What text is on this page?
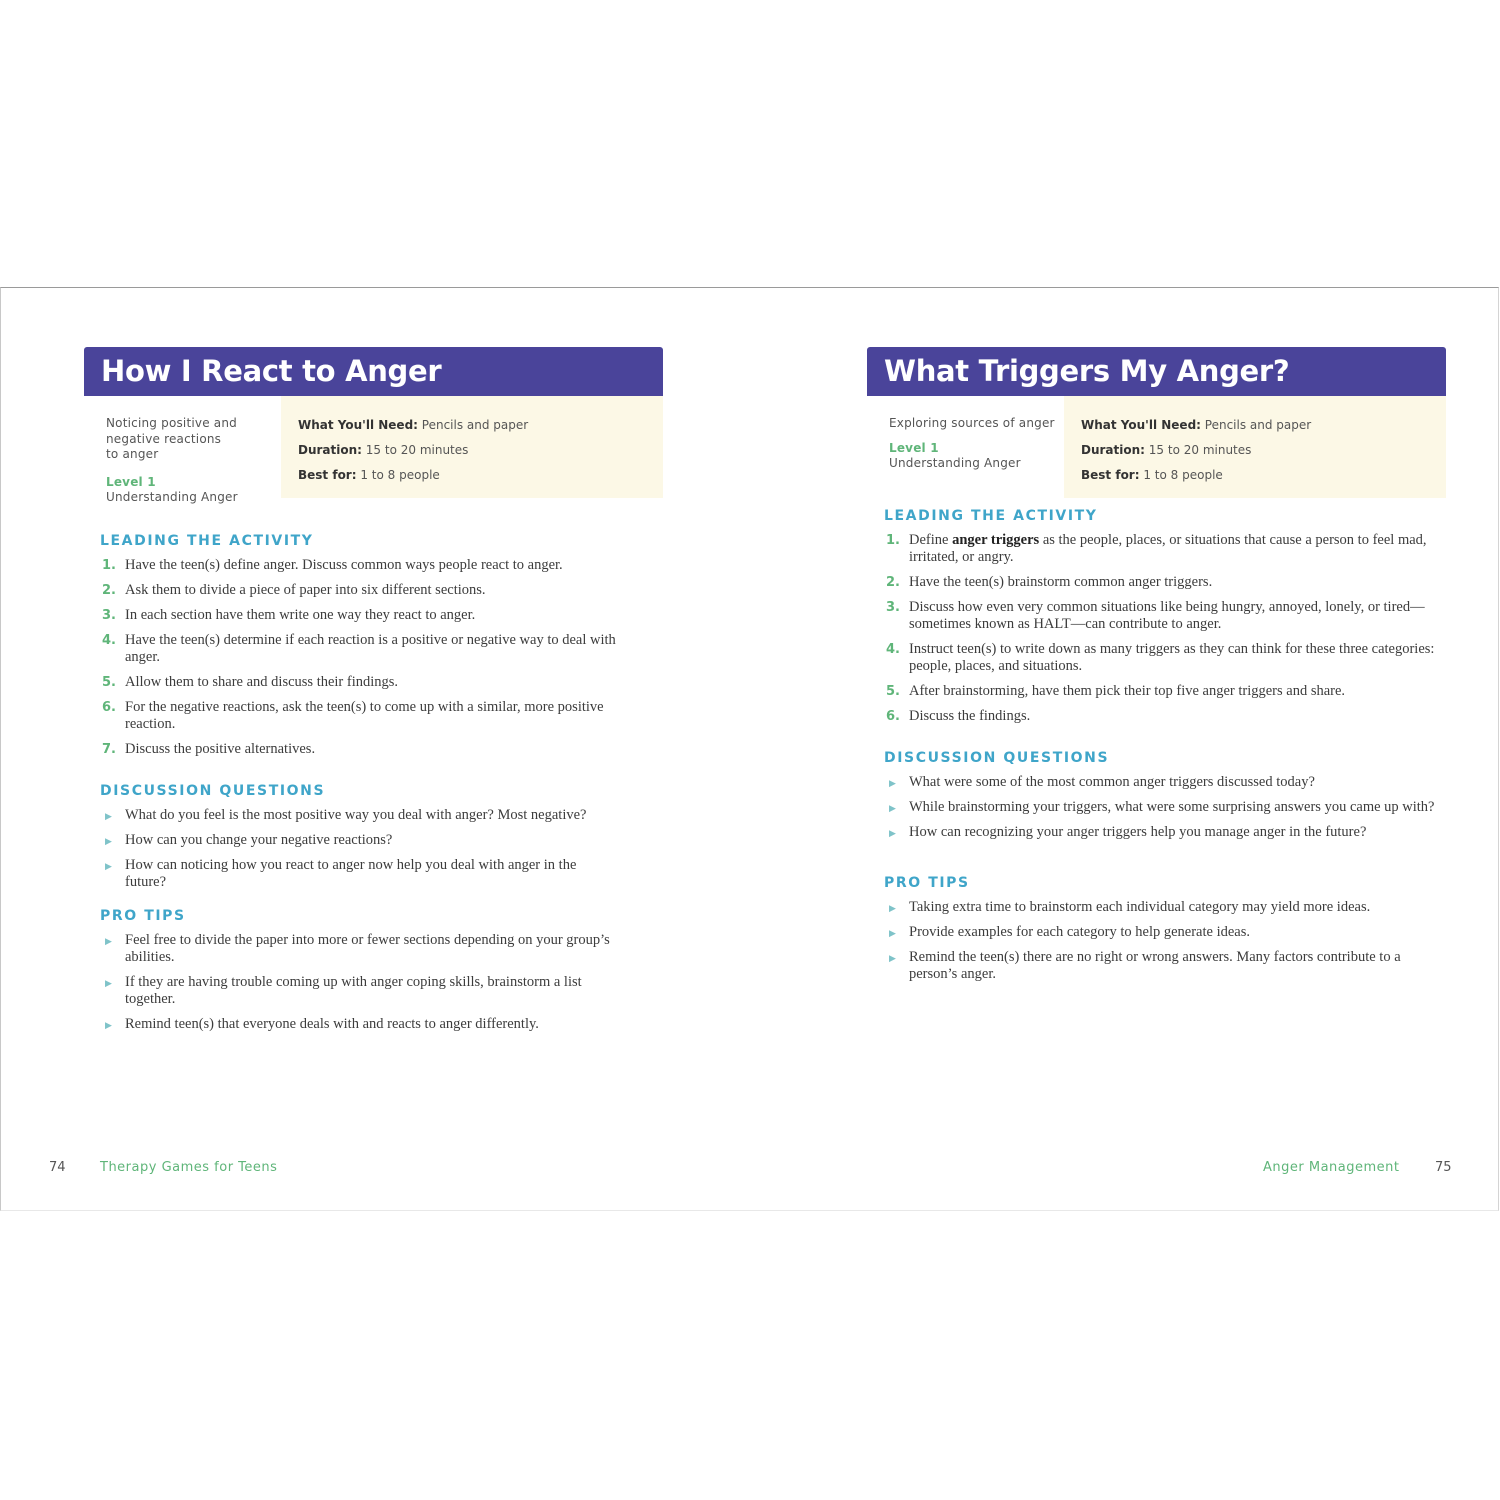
How I React to Anger
Noticing positive and
negative reactions
to anger
Level 1
Understanding Anger
What You'll Need: Pencils and paper
Duration: 15 to 20 minutes
Best for: 1 to 8 people
LEADING THE ACTIVITY
1. Have the teen(s) define anger. Discuss common ways people react to anger.
2. Ask them to divide a piece of paper into six different sections.
3. In each section have them write one way they react to anger.
4. Have the teen(s) determine if each reaction is a positive or negative way to deal with anger.
5. Allow them to share and discuss their findings.
6. For the negative reactions, ask the teen(s) to come up with a similar, more positive reaction.
7. Discuss the positive alternatives.
DISCUSSION QUESTIONS
▶ What do you feel is the most positive way you deal with anger? Most negative?
▶ How can you change your negative reactions?
▶ How can noticing how you react to anger now help you deal with anger in the future?
PRO TIPS
▶ Feel free to divide the paper into more or fewer sections depending on your group’s abilities.
▶ If they are having trouble coming up with anger coping skills, brainstorm a list together.
▶ Remind teen(s) that everyone deals with and reacts to anger differently.
74	Therapy Games for Teens
What Triggers My Anger?
Exploring sources of anger
Level 1
Understanding Anger
What You'll Need: Pencils and paper
Duration: 15 to 20 minutes
Best for: 1 to 8 people
LEADING THE ACTIVITY
1. Define anger triggers as the people, places, or situations that cause a person to feel mad, irritated, or angry.
2. Have the teen(s) brainstorm common anger triggers.
3. Discuss how even very common situations like being hungry, annoyed, lonely, or tired—sometimes known as HALT—can contribute to anger.
4. Instruct teen(s) to write down as many triggers as they can think for these three categories: people, places, and situations.
5. After brainstorming, have them pick their top five anger triggers and share.
6. Discuss the findings.
DISCUSSION QUESTIONS
▶ What were some of the most common anger triggers discussed today?
▶ While brainstorming your triggers, what were some surprising answers you came up with?
▶ How can recognizing your anger triggers help you manage anger in the future?
PRO TIPS
▶ Taking extra time to brainstorm each individual category may yield more ideas.
▶ Provide examples for each category to help generate ideas.
▶ Remind the teen(s) there are no right or wrong answers. Many factors contribute to a person’s anger.
Anger Management	75
